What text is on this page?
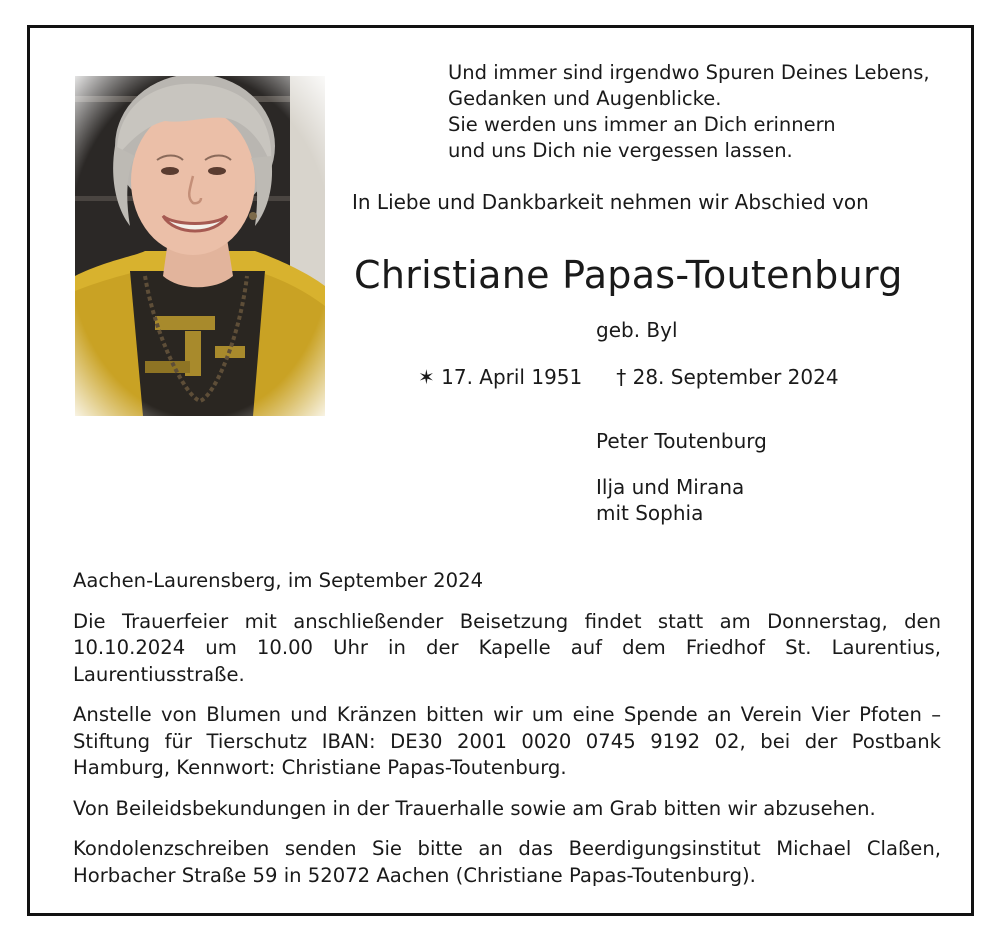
Und immer sind irgendwo Spuren Deines Lebens,
Gedanken und Augenblicke.
Sie werden uns immer an Dich erinnern
und uns Dich nie vergessen lassen.
In Liebe und Dankbarkeit nehmen wir Abschied von
Christiane Papas-Toutenburg
geb. Byl
✶ 17. April 1951 † 28. September 2024
Peter Toutenburg
Ilja und Mirana
mit Sophia

Aachen-Laurensberg, im September 2024

Die Trauerfeier mit anschließender Beisetzung findet statt am Donnerstag, den 10.10.2024 um 10.00 Uhr in der Kapelle auf dem Friedhof St. Laurentius, Laurentiusstraße.

Anstelle von Blumen und Kränzen bitten wir um eine Spende an Verein Vier Pfoten – Stiftung für Tierschutz IBAN: DE30 2001 0020 0745 9192 02, bei der Postbank Hamburg, Kennwort: Christiane Papas-Toutenburg.

Von Beileidsbekundungen in der Trauerhalle sowie am Grab bitten wir abzusehen.

Kondolenzschreiben senden Sie bitte an das Beerdigungsinstitut Michael Claßen, Horbacher Straße 59 in 52072 Aachen (Christiane Papas-Toutenburg).
